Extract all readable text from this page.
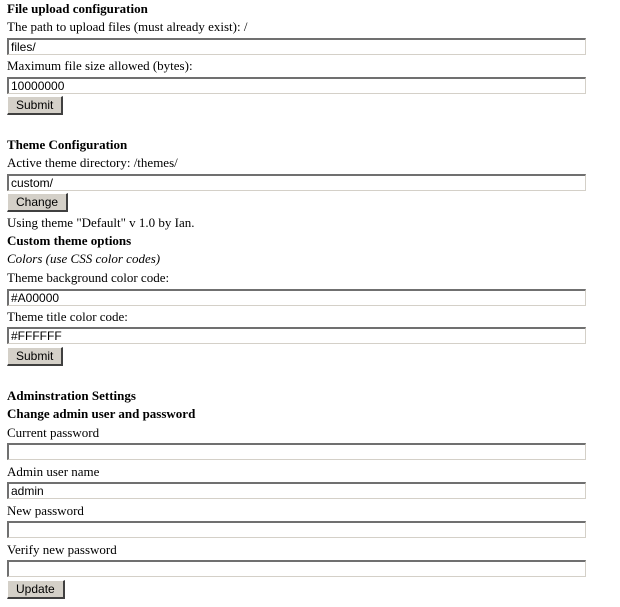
File upload configuration
The path to upload files (must already exist): /
files/
Maximum file size allowed (bytes):
10000000
Submit
Theme Configuration
Active theme directory: /themes/
custom/
Change
Using theme "Default" v 1.0 by Ian.
Custom theme options
Colors (use CSS color codes)
Theme background color code:
#A00000
Theme title color code:
#FFFFFF
Submit
Adminstration Settings
Change admin user and password
Current password
Admin user name
admin
New password
Verify new password
Update
